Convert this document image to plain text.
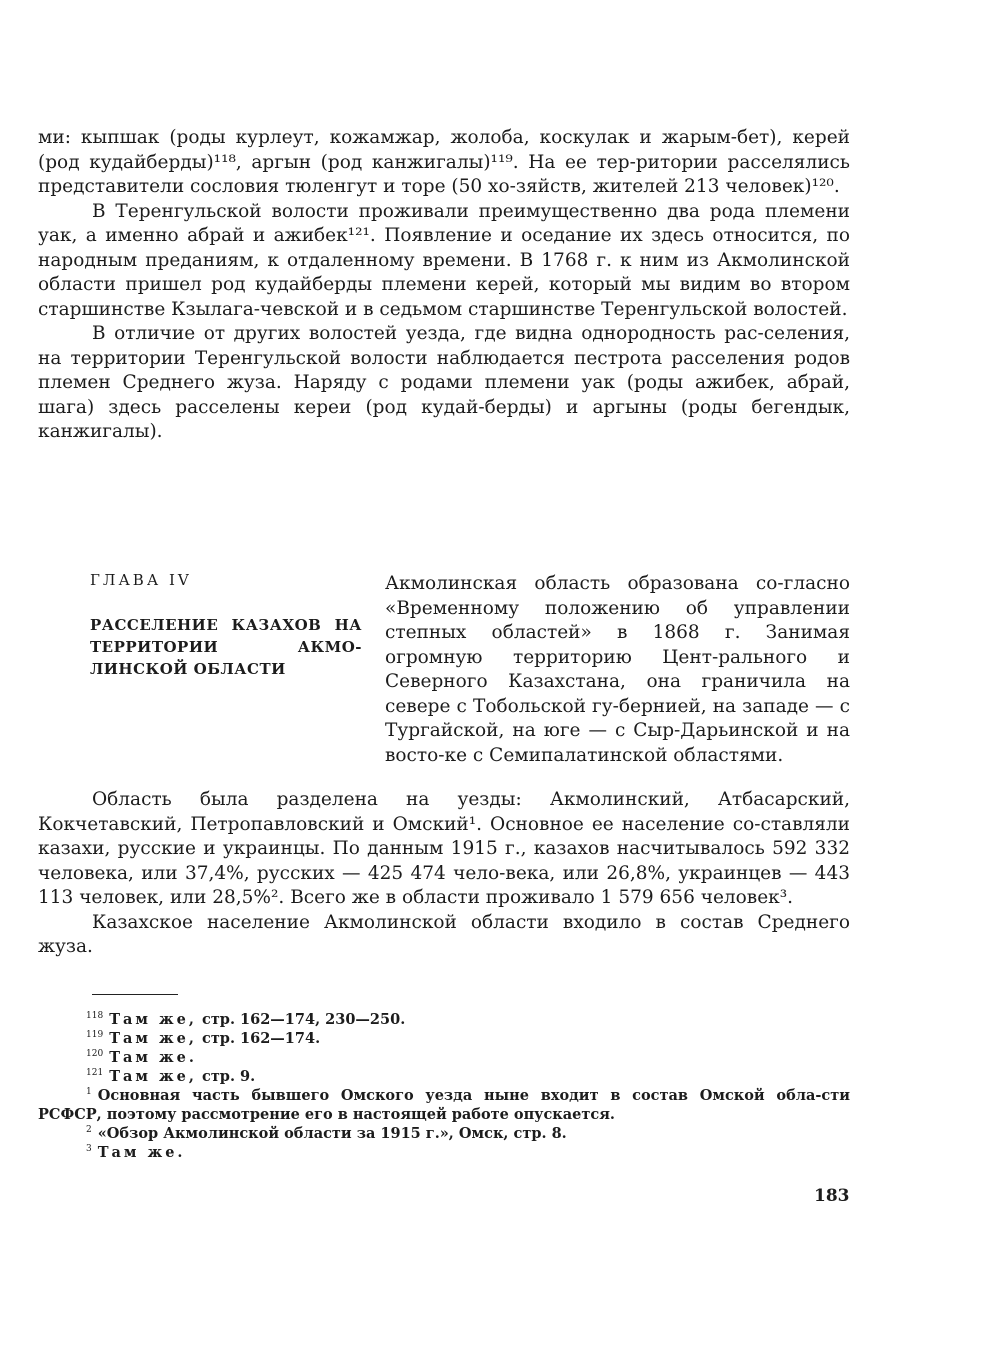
ми: кыпшак (роды курлеут, кожамжар, жолоба, коскулак и жарым-бет), керей (род кудайберды)¹¹⁸, аргын (род канжигалы)¹¹⁹. На ее тер-ритории расселялись представители сословия тюленгут и торе (50 хо-зяйств, жителей 213 человек)¹²⁰.

В Теренгульской волости проживали преимущественно два рода племени уак, а именно абрай и ажибек¹²¹. Появление и оседание их здесь относится, по народным преданиям, к отдаленному времени. В 1768 г. к ним из Акмолинской области пришел род кудайберды племени керей, который мы видим во втором старшинстве Кзылага-чевской и в седьмом старшинстве Теренгульской волостей.

В отличие от других волостей уезда, где видна однородность рас-селения, на территории Теренгульской волости наблюдается пестрота расселения родов племен Среднего жуза. Наряду с родами племени уак (роды ажибек, абрай, шага) здесь расселены кереи (род кудай-берды) и аргыны (роды бегендык, канжигалы).

ГЛАВА IV

РАССЕЛЕНИЕ КАЗАХОВ НА ТЕРРИТОРИИ АКМО-ЛИНСКОЙ ОБЛАСТИ

Акмолинская область образована со-гласно «Временному положению об управлении степных областей» в 1868 г. Занимая огромную территорию Цент-рального и Северного Казахстана, она граничила на севере с Тобольской гу-бернией, на западе — с Тургайской, на юге — с Сыр-Дарьинской и на восто-ке с Семипалатинской областями.

Область была разделена на уезды: Акмолинский, Атбасарский, Кокчетавский, Петропавловский и Омский¹. Основное ее население со-ставляли казахи, русские и украинцы. По данным 1915 г., казахов насчитывалось 592 332 человека, или 37,4%, русских — 425 474 чело-века, или 26,8%, украинцев — 443 113 человек, или 28,5%². Всего же в области проживало 1 579 656 человек³.

Казахское население Акмолинской области входило в состав Среднего жуза.

$^{118}$ Там же, стр. 162—174, 230—250.

$^{119}$ Там же, стр. 162—174.

$^{120}$ Там же.

$^{121}$ Там же, стр. 9.

$^1$ Основная часть бывшего Омского уезда ныне входит в состав Омской обла-сти РСФСР, поэтому рассмотрение его в настоящей работе опускается.

$^2$ «Обзор Акмолинской области за 1915 г.», Омск, стр. 8.

$^3$ Там же.

183
